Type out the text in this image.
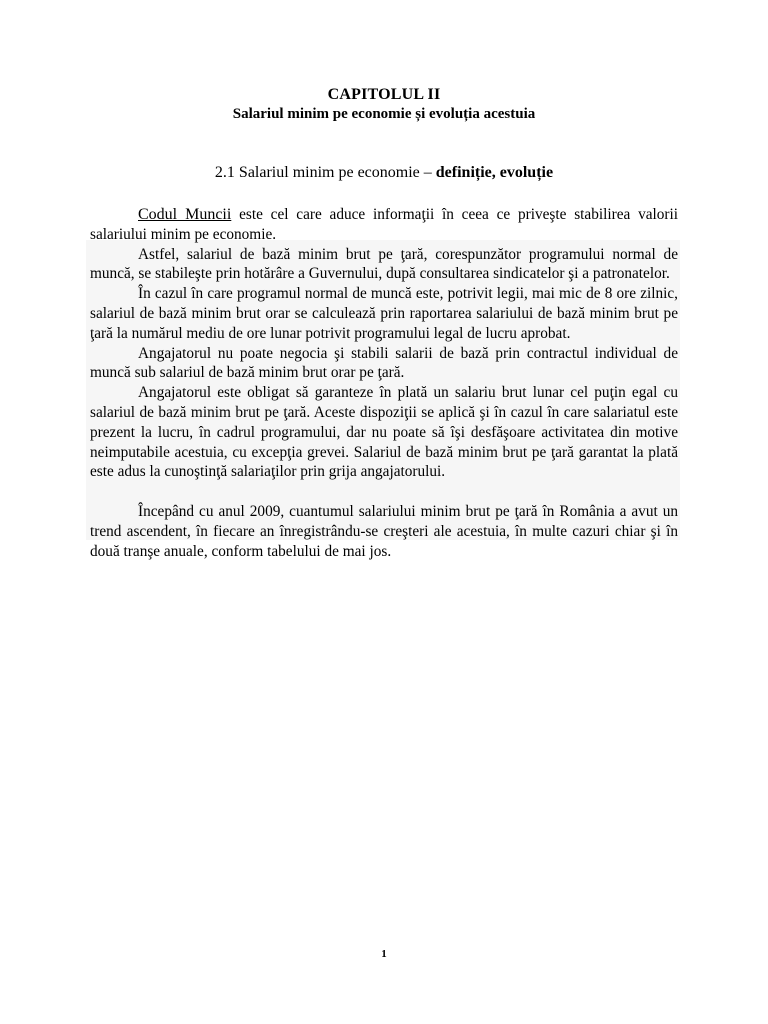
CAPITOLUL II
Salariul minim pe economie și evoluția acestuia
2.1 Salariul minim pe economie – definiție, evoluție

Codul Muncii este cel care aduce informaţii în ceea ce priveşte stabilirea valorii salariului minim pe economie.

Astfel, salariul de bază minim brut pe ţară, corespunzător programului normal de muncă, se stabileşte prin hotărâre a Guvernului, după consultarea sindicatelor şi a patronatelor.

În cazul în care programul normal de muncă este, potrivit legii, mai mic de 8 ore zilnic, salariul de bază minim brut orar se calculează prin raportarea salariului de bază minim brut pe ţară la numărul mediu de ore lunar potrivit programului legal de lucru aprobat.

Angajatorul nu poate negocia şi stabili salarii de bază prin contractul individual de muncă sub salariul de bază minim brut orar pe ţară.

Angajatorul este obligat să garanteze în plată un salariu brut lunar cel puţin egal cu salariul de bază minim brut pe ţară. Aceste dispoziţii se aplică şi în cazul în care salariatul este prezent la lucru, în cadrul programului, dar nu poate să îşi desfăşoare activitatea din motive neimputabile acestuia, cu excepţia grevei. Salariul de bază minim brut pe ţară garantat la plată este adus la cunoştinţă salariaţilor prin grija angajatorului.

Începând cu anul 2009, cuantumul salariului minim brut pe ţară în România a avut un trend ascendent, în fiecare an înregistrându-se creşteri ale acestuia, în multe cazuri chiar şi în două tranşe anuale, conform tabelului de mai jos.

1
